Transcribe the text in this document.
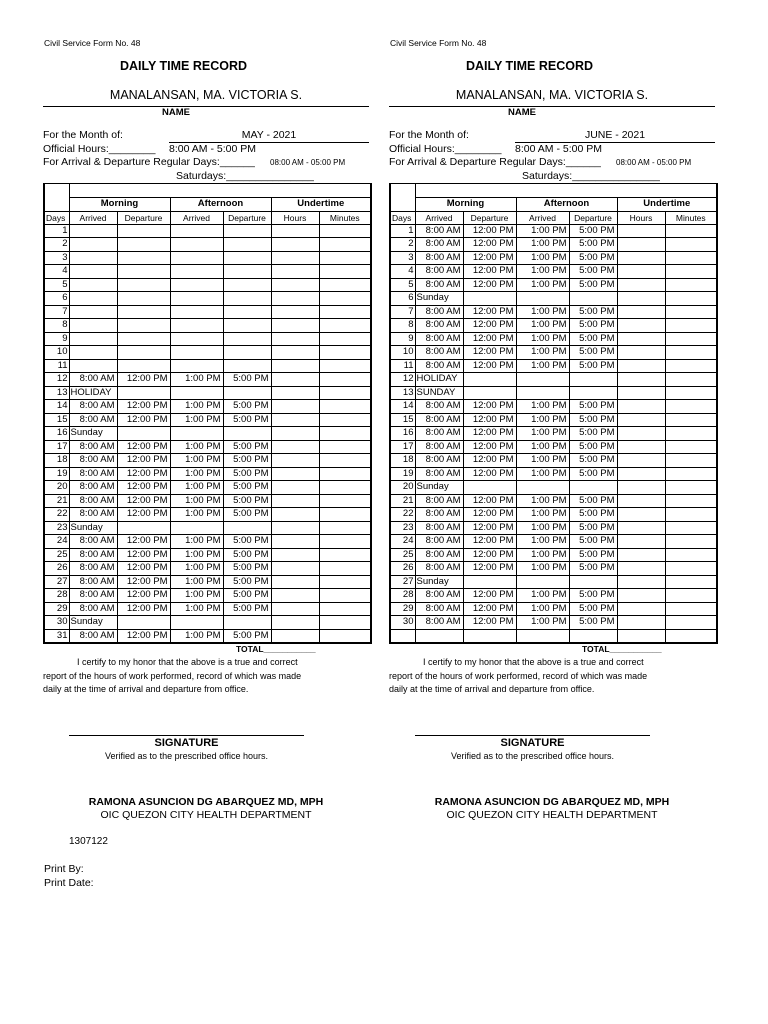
Civil Service Form No. 48
DAILY TIME RECORD
MANALANSAN, MA. VICTORIA S.
NAME
For the Month of:	MAY - 2021
Official Hours:________ 8:00 AM - 5:00 PM
For Arrival & Departure Regular Days:______ 08:00 AM - 05:00 PM
Saturdays:_______________

	Morning		Afternoon		Undertime	
Days	Arrived	Departure	Arrived	Departure	Hours	Minutes
1						
2						
3						
4						
5						
6						
7						
8						
9						
10						
11						
12	8:00 AM	12:00 PM	1:00 PM	5:00 PM		
13	HOLIDAY					
14	8:00 AM	12:00 PM	1:00 PM	5:00 PM		
15	8:00 AM	12:00 PM	1:00 PM	5:00 PM		
16	Sunday					
17	8:00 AM	12:00 PM	1:00 PM	5:00 PM		
18	8:00 AM	12:00 PM	1:00 PM	5:00 PM		
19	8:00 AM	12:00 PM	1:00 PM	5:00 PM		
20	8:00 AM	12:00 PM	1:00 PM	5:00 PM		
21	8:00 AM	12:00 PM	1:00 PM	5:00 PM		
22	8:00 AM	12:00 PM	1:00 PM	5:00 PM		
23	Sunday					
24	8:00 AM	12:00 PM	1:00 PM	5:00 PM		
25	8:00 AM	12:00 PM	1:00 PM	5:00 PM		
26	8:00 AM	12:00 PM	1:00 PM	5:00 PM		
27	8:00 AM	12:00 PM	1:00 PM	5:00 PM		
28	8:00 AM	12:00 PM	1:00 PM	5:00 PM		
29	8:00 AM	12:00 PM	1:00 PM	5:00 PM		
30	Sunday					
31	8:00 AM	12:00 PM	1:00 PM	5:00 PM		
TOTAL___________
I certify to my honor that the above is a true and correct report of the hours of work performed, record of which was made daily at the time of arrival and departure from office.
SIGNATURE
Verified as to the prescribed office hours.
RAMONA ASUNCION DG ABARQUEZ MD, MPH
OIC QUEZON CITY HEALTH DEPARTMENT
1307122
Print By:
Print Date:
Civil Service Form No. 48
DAILY TIME RECORD
MANALANSAN, MA. VICTORIA S.
NAME
For the Month of:	JUNE - 2021
Official Hours:________ 8:00 AM - 5:00 PM
For Arrival & Departure Regular Days:______ 08:00 AM - 05:00 PM
Saturdays:_______________

	Morning		Afternoon		Undertime	
Days	Arrived	Departure	Arrived	Departure	Hours	Minutes
1	8:00 AM	12:00 PM	1:00 PM	5:00 PM		
2	8:00 AM	12:00 PM	1:00 PM	5:00 PM		
3	8:00 AM	12:00 PM	1:00 PM	5:00 PM		
4	8:00 AM	12:00 PM	1:00 PM	5:00 PM		
5	8:00 AM	12:00 PM	1:00 PM	5:00 PM		
6	Sunday					
7	8:00 AM	12:00 PM	1:00 PM	5:00 PM		
8	8:00 AM	12:00 PM	1:00 PM	5:00 PM		
9	8:00 AM	12:00 PM	1:00 PM	5:00 PM		
10	8:00 AM	12:00 PM	1:00 PM	5:00 PM		
11	8:00 AM	12:00 PM	1:00 PM	5:00 PM		
12	HOLIDAY					
13	SUNDAY					
14	8:00 AM	12:00 PM	1:00 PM	5:00 PM		
15	8:00 AM	12:00 PM	1:00 PM	5:00 PM		
16	8:00 AM	12:00 PM	1:00 PM	5:00 PM		
17	8:00 AM	12:00 PM	1:00 PM	5:00 PM		
18	8:00 AM	12:00 PM	1:00 PM	5:00 PM		
19	8:00 AM	12:00 PM	1:00 PM	5:00 PM		
20	Sunday					
21	8:00 AM	12:00 PM	1:00 PM	5:00 PM		
22	8:00 AM	12:00 PM	1:00 PM	5:00 PM		
23	8:00 AM	12:00 PM	1:00 PM	5:00 PM		
24	8:00 AM	12:00 PM	1:00 PM	5:00 PM		
25	8:00 AM	12:00 PM	1:00 PM	5:00 PM		
26	8:00 AM	12:00 PM	1:00 PM	5:00 PM		
27	Sunday					
28	8:00 AM	12:00 PM	1:00 PM	5:00 PM		
29	8:00 AM	12:00 PM	1:00 PM	5:00 PM		
30	8:00 AM	12:00 PM	1:00 PM	5:00 PM		

TOTAL___________
I certify to my honor that the above is a true and correct report of the hours of work performed, record of which was made daily at the time of arrival and departure from office.
SIGNATURE
Verified as to the prescribed office hours.
RAMONA ASUNCION DG ABARQUEZ MD, MPH
OIC QUEZON CITY HEALTH DEPARTMENT
